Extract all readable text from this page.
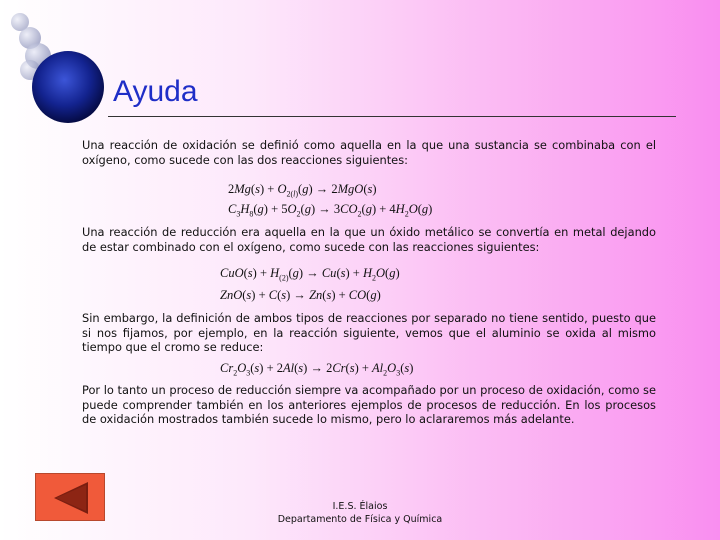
Ayuda

Una reacción de oxidación se definió como aquella en la que una sustancia se combinaba con el oxígeno, como sucede con las dos reacciones siguientes:

$2Mg(s) + O_{2(l)}(g) \to 2MgO(s)$
$C_3H_8(g) + 5O_2(g) \to 3CO_2(g) + 4H_2O(g)$

Una reacción de reducción era aquella en la que un óxido metálico se convertía en metal dejando de estar combinado con el oxígeno, como sucede con las reacciones siguientes:

$CuO(s) + H_{(2)}(g) \to Cu(s) + H_2O(g)$
ZnO(s) + C(s) → Zn(s) + CO(g)

Sin embargo, la definición de ambos tipos de reacciones por separado no tiene sentido, puesto que si nos fijamos, por ejemplo, en la reacción siguiente, vemos que el aluminio se oxida al mismo tiempo que el cromo se reduce:

$Cr_2O_3(s) + 2Al(s) \to 2Cr(s) + Al_2O_3(s)$

Por lo tanto un proceso de reducción siempre va acompañado por un proceso de oxidación, como se puede comprender también en los anteriores ejemplos de procesos de reducción. En los procesos de oxidación mostrados también sucede lo mismo, pero lo aclararemos más adelante.

I.E.S. Élaios
Departamento de Física y Química
